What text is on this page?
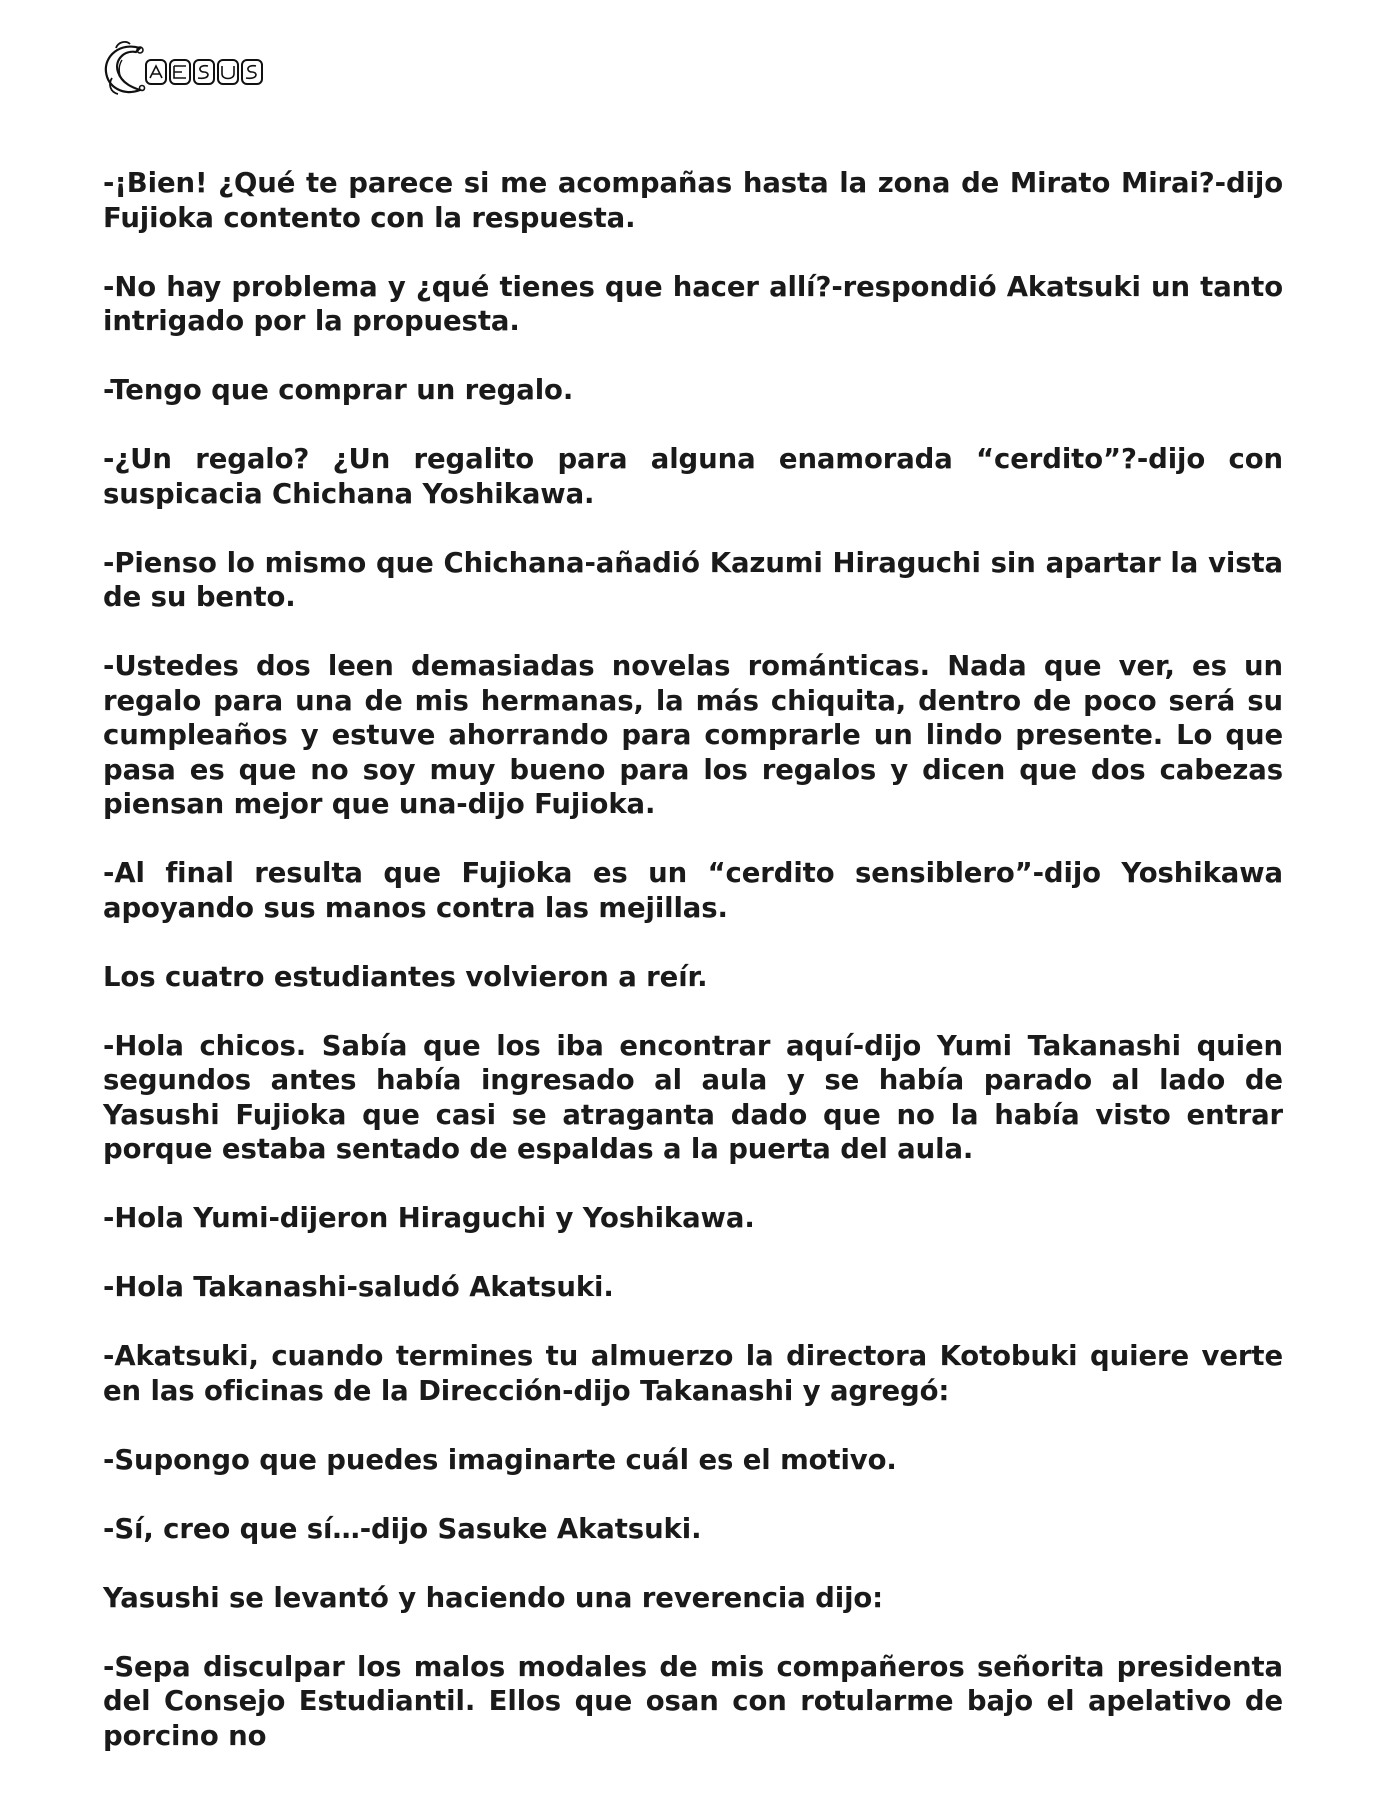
-¡Bien! ¿Qué te parece si me acompañas hasta la zona de Mirato Mirai?-dijo Fujioka contento con la respuesta.

-No hay problema y ¿qué tienes que hacer allí?-respondió Akatsuki un tanto intrigado por la propuesta.

-Tengo que comprar un regalo.

-¿Un regalo? ¿Un regalito para alguna enamorada “cerdito”?-dijo con suspicacia Chichana Yoshikawa.

-Pienso lo mismo que Chichana-añadió Kazumi Hiraguchi sin apartar la vista de su bento.

-Ustedes dos leen demasiadas novelas románticas. Nada que ver, es un regalo para una de mis hermanas, la más chiquita, dentro de poco será su cumpleaños y estuve ahorrando para comprarle un lindo presente. Lo que pasa es que no soy muy bueno para los regalos y dicen que dos cabezas piensan mejor que una-dijo Fujioka.

-Al final resulta que Fujioka es un “cerdito sensiblero”-dijo Yoshikawa apoyando sus manos contra las mejillas.

Los cuatro estudiantes volvieron a reír.

-Hola chicos. Sabía que los iba encontrar aquí-dijo Yumi Takanashi quien segundos antes había ingresado al aula y se había parado al lado de Yasushi Fujioka que casi se atraganta dado que no la había visto entrar porque estaba sentado de espaldas a la puerta del aula.

-Hola Yumi-dijeron Hiraguchi y Yoshikawa.

-Hola Takanashi-saludó Akatsuki.

-Akatsuki, cuando termines tu almuerzo la directora Kotobuki quiere verte en las oficinas de la Dirección-dijo Takanashi y agregó:

-Supongo que puedes imaginarte cuál es el motivo.

-Sí, creo que sí…-dijo Sasuke Akatsuki.

Yasushi se levantó y haciendo una reverencia dijo:

-Sepa disculpar los malos modales de mis compañeros señorita presidenta del Consejo Estudiantil. Ellos que osan con rotularme bajo el apelativo de porcino no
